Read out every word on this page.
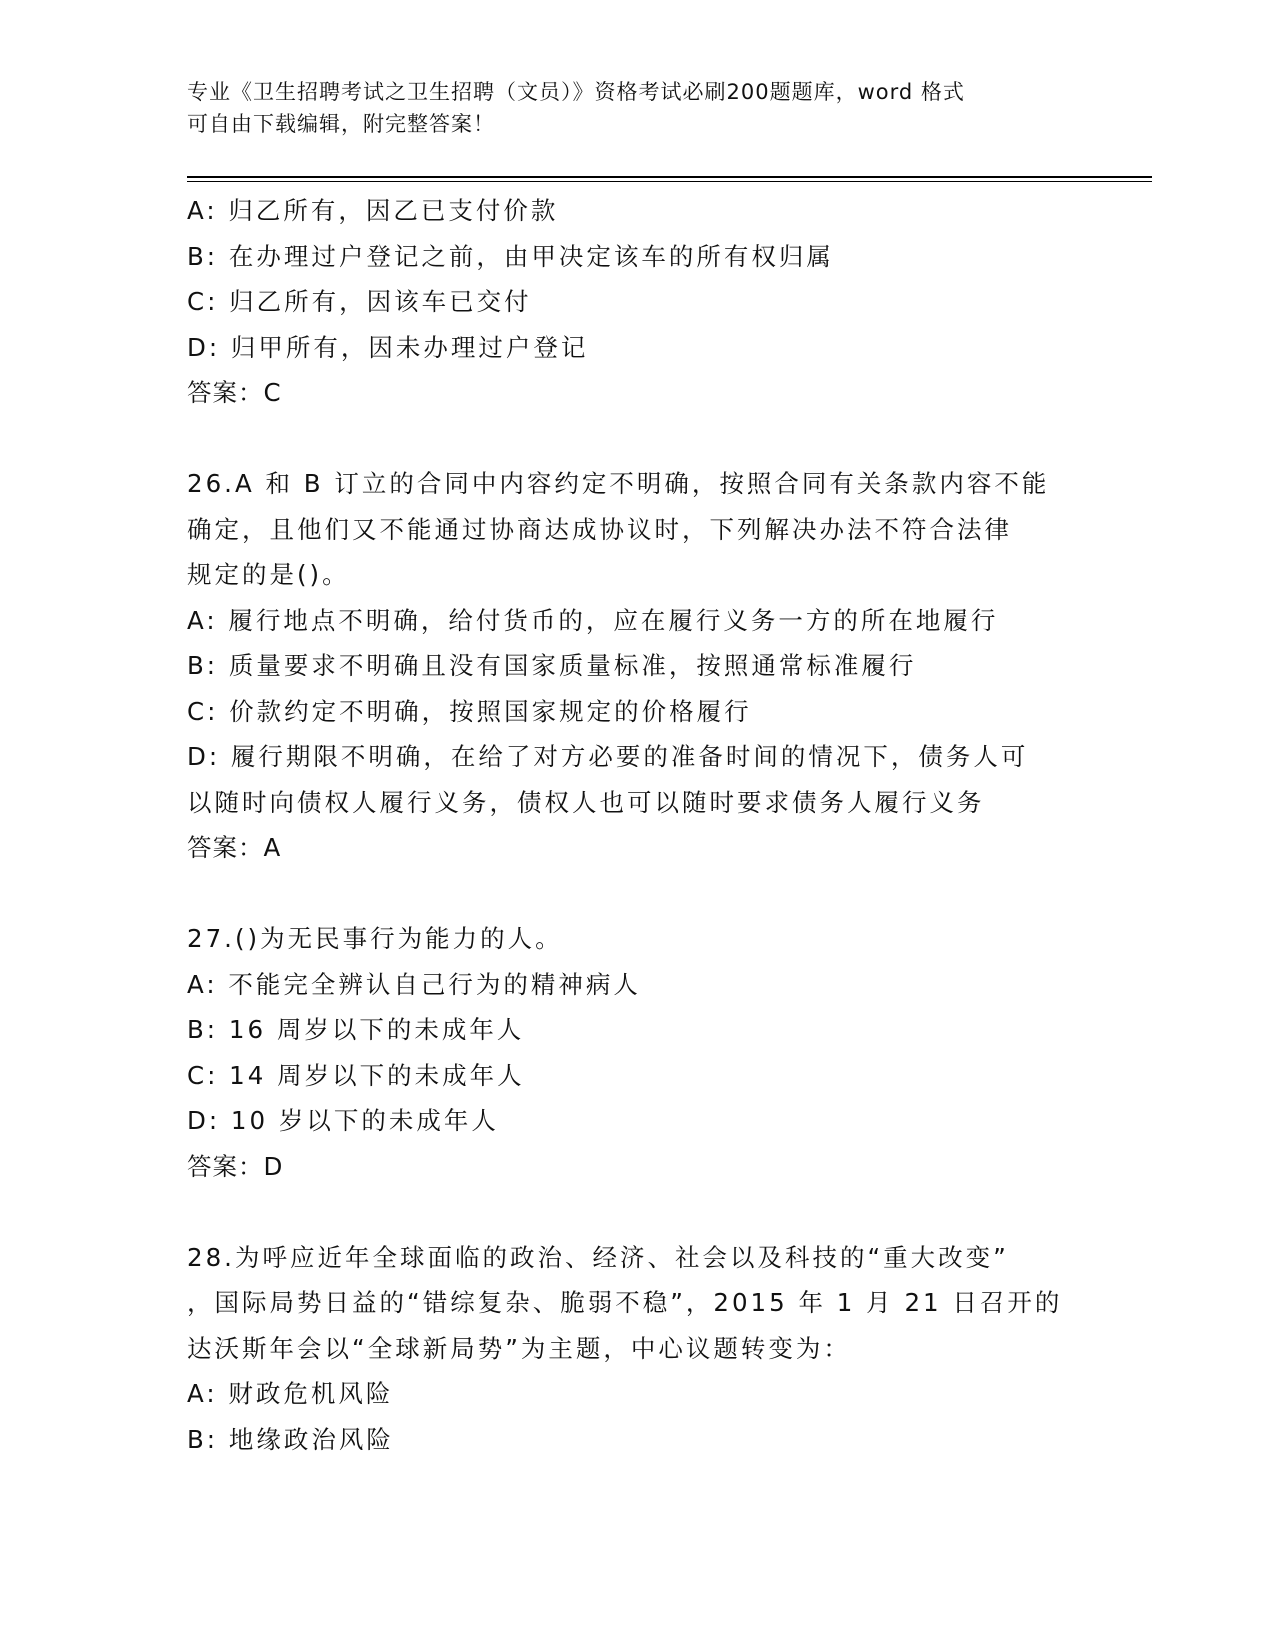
专业《卫生招聘考试之卫生招聘（文员）》资格考试必刷200题题库，word 格式
可自由下载编辑，附完整答案！
A: 归乙所有，因乙已支付价款
B: 在办理过户登记之前，由甲决定该车的所有权归属
C: 归乙所有，因该车已交付
D: 归甲所有，因未办理过户登记
答案：C
26.A 和 B 订立的合同中内容约定不明确，按照合同有关条款内容不能
确定，且他们又不能通过协商达成协议时，下列解决办法不符合法律
规定的是()。
A: 履行地点不明确，给付货币的，应在履行义务一方的所在地履行
B: 质量要求不明确且没有国家质量标准，按照通常标准履行
C: 价款约定不明确，按照国家规定的价格履行
D: 履行期限不明确，在给了对方必要的准备时间的情况下，债务人可
以随时向债权人履行义务，债权人也可以随时要求债务人履行义务
答案：A
27.()为无民事行为能力的人。
A: 不能完全辨认自己行为的精神病人
B: 16 周岁以下的未成年人
C: 14 周岁以下的未成年人
D: 10 岁以下的未成年人
答案：D
28.为呼应近年全球面临的政治、经济、社会以及科技的“重大改变”
，国际局势日益的“错综复杂、脆弱不稳”，2015 年 1 月 21 日召开的
达沃斯年会以“全球新局势”为主题，中心议题转变为：
A: 财政危机风险
B: 地缘政治风险
